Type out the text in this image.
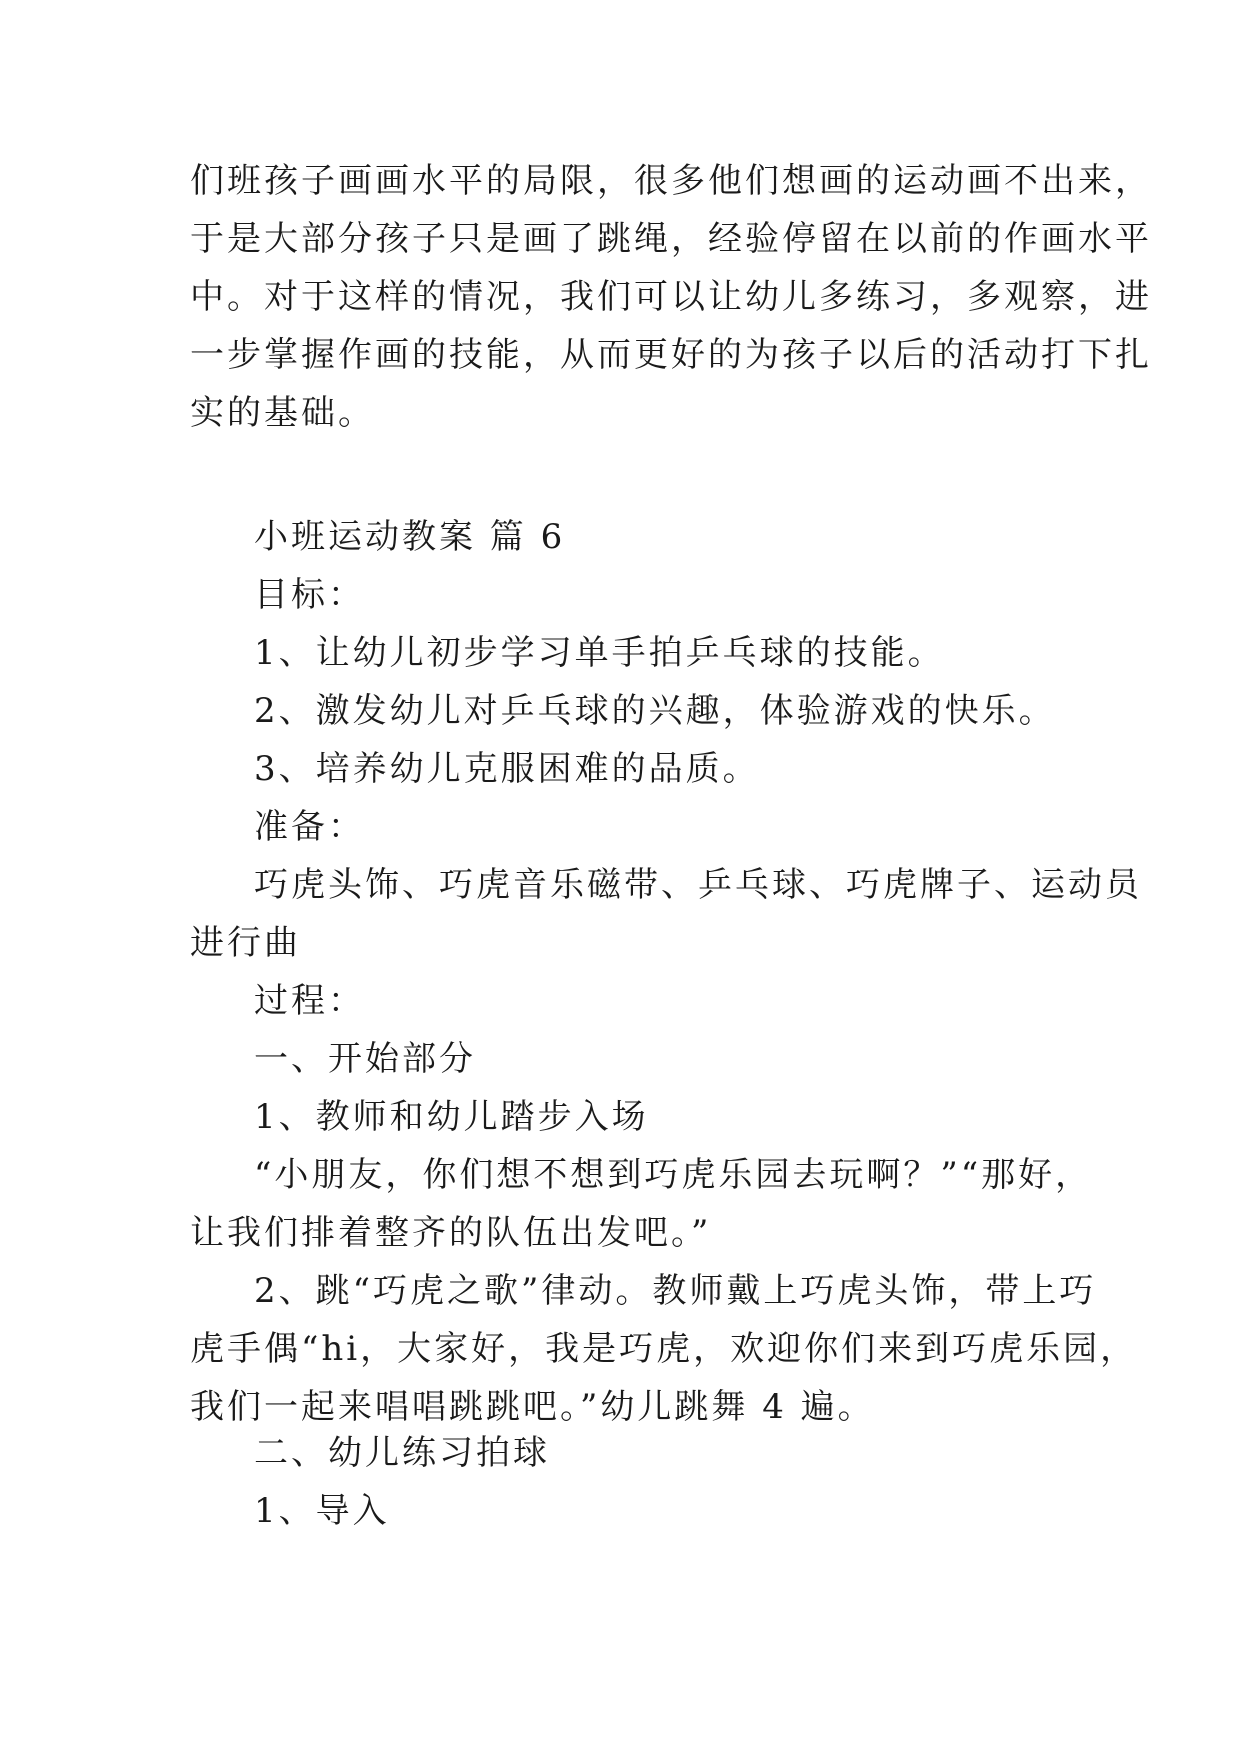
们班孩子画画水平的局限，很多他们想画的运动画不出来，
于是大部分孩子只是画了跳绳，经验停留在以前的作画水平
中。对于这样的情况，我们可以让幼儿多练习，多观察，进
一步掌握作画的技能，从而更好的为孩子以后的活动打下扎
实的基础。
小班运动教案 篇 6
目标：
1、让幼儿初步学习单手拍乒乓球的技能。
2、激发幼儿对乒乓球的兴趣，体验游戏的快乐。
3、培养幼儿克服困难的品质。
准备：
巧虎头饰、巧虎音乐磁带、乒乓球、巧虎牌子、运动员
进行曲
过程：
一、开始部分
1、教师和幼儿踏步入场
“小朋友，你们想不想到巧虎乐园去玩啊？”“那好，
让我们排着整齐的队伍出发吧。”
2、跳“巧虎之歌”律动。教师戴上巧虎头饰，带上巧
虎手偶“hi，大家好，我是巧虎，欢迎你们来到巧虎乐园，
我们一起来唱唱跳跳吧。”幼儿跳舞 4 遍。
二、幼儿练习拍球
1、导入
